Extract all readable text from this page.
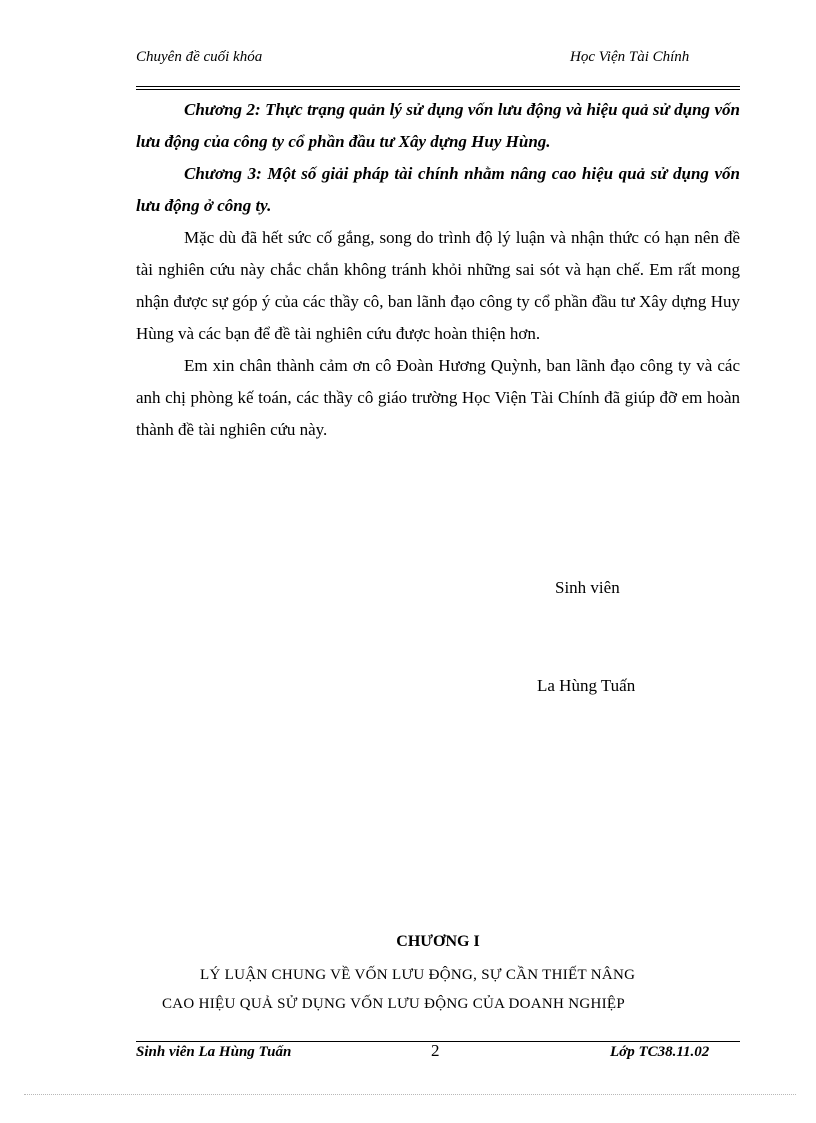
Chuyên đề cuối khóa	Học Viện Tài Chính

Chương 2: Thực trạng quản lý sử dụng vốn lưu động và hiệu quả sử dụng vốn lưu động của công ty cổ phần đầu tư Xây dựng Huy Hùng.

Chương 3: Một số giải pháp tài chính nhằm nâng cao hiệu quả sử dụng vốn lưu động ở công ty.

Mặc dù đã hết sức cố gắng, song do trình độ lý luận và nhận thức có hạn nên đề tài nghiên cứu này chắc chắn không tránh khỏi những sai sót và hạn chế. Em rất mong nhận được sự góp ý của các thầy cô, ban lãnh đạo công ty cổ phần đầu tư Xây dựng Huy Hùng và các bạn để đề tài nghiên cứu được hoàn thiện hơn.

Em xin chân thành cảm ơn cô Đoàn Hương Quỳnh, ban lãnh đạo công ty và các anh chị phòng kế toán, các thầy cô giáo trường Học Viện Tài Chính đã giúp đỡ em hoàn thành đề tài nghiên cứu này.

Sinh viên
La Hùng Tuấn
CHƯƠNG I
LÝ LUẬN CHUNG VỀ VỐN LƯU ĐỘNG, SỰ CẦN THIẾT NÂNG
CAO HIỆU QUẢ SỬ DỤNG VỐN LƯU ĐỘNG CỦA DOANH NGHIỆP
Sinh viên La Hùng Tuấn	2	Lớp TC38.11.02
